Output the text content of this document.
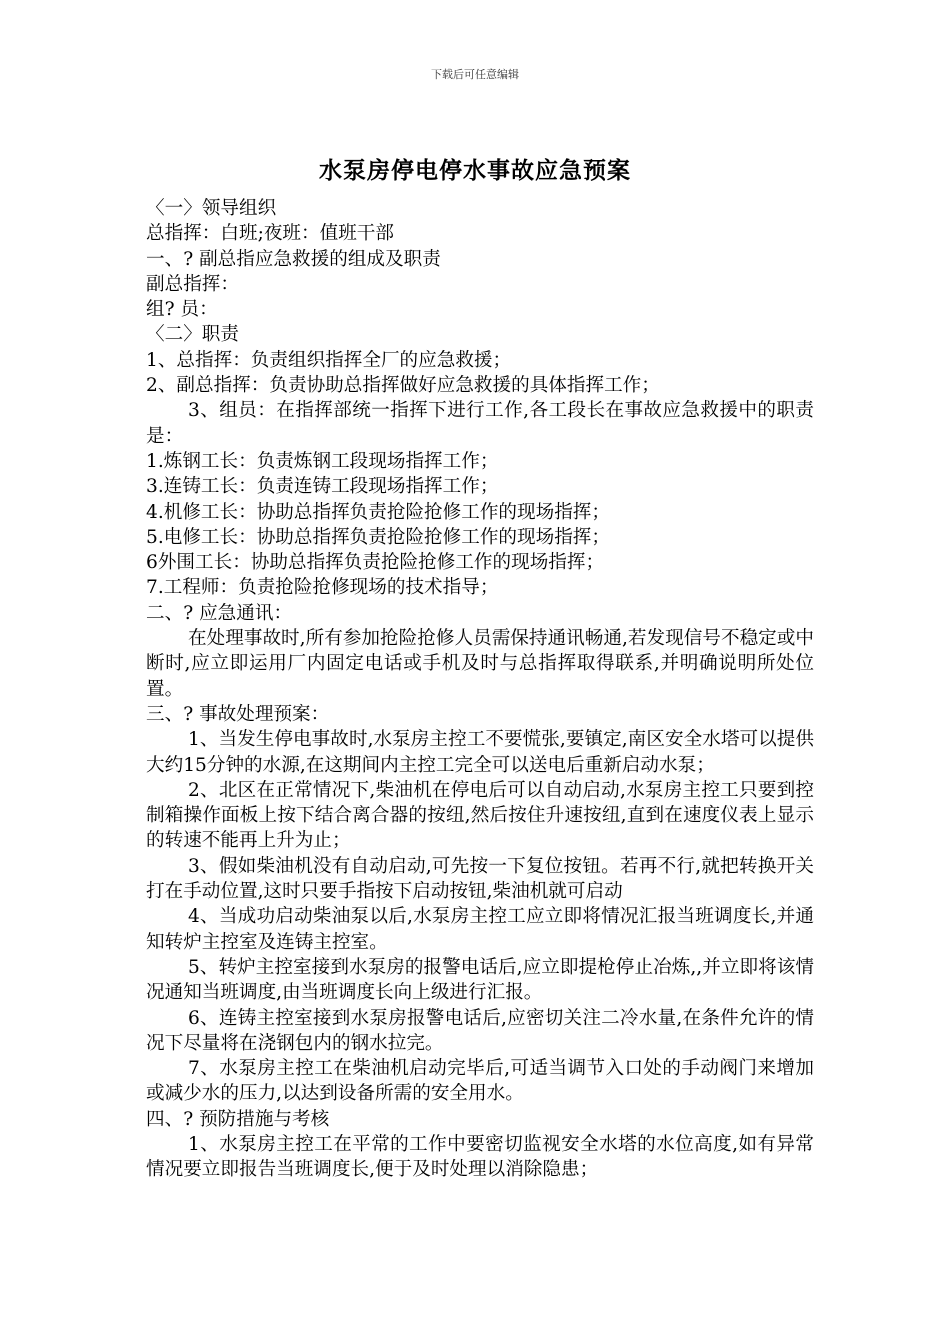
下载后可任意编辑
水泵房停电停水事故应急预案

〈一〉领导组织

总指挥：白班;夜班：值班干部

一、? 副总指应急救援的组成及职责

副总指挥：

组? 员：

〈二〉职责

1、总指挥：负责组织指挥全厂的应急救援；

2、副总指挥：负责协助总指挥做好应急救援的具体指挥工作；

3、组员：在指挥部统一指挥下进行工作,各工段长在事故应急救援中的职责是：

1.炼钢工长：负责炼钢工段现场指挥工作；

3.连铸工长：负责连铸工段现场指挥工作；

4.机修工长：协助总指挥负责抢险抢修工作的现场指挥；

5.电修工长：协助总指挥负责抢险抢修工作的现场指挥；

6外围工长：协助总指挥负责抢险抢修工作的现场指挥；

7.工程师：负责抢险抢修现场的技术指导；

二、? 应急通讯：

在处理事故时,所有参加抢险抢修人员需保持通讯畅通,若发现信号不稳定或中断时,应立即运用厂内固定电话或手机及时与总指挥取得联系,并明确说明所处位置。

三、? 事故处理预案：

1、当发生停电事故时,水泵房主控工不要慌张,要镇定,南区安全水塔可以提供大约15分钟的水源,在这期间内主控工完全可以送电后重新启动水泵；

2、北区在正常情况下,柴油机在停电后可以自动启动,水泵房主控工只要到控制箱操作面板上按下结合离合器的按纽,然后按住升速按纽,直到在速度仪表上显示的转速不能再上升为止；

3、假如柴油机没有自动启动,可先按一下复位按钮。若再不行,就把转换开关打在手动位置,这时只要手指按下启动按钮,柴油机就可启动

4、当成功启动柴油泵以后,水泵房主控工应立即将情况汇报当班调度长,并通知转炉主控室及连铸主控室。

5、转炉主控室接到水泵房的报警电话后,应立即提枪停止冶炼,,并立即将该情况通知当班调度,由当班调度长向上级进行汇报。

6、连铸主控室接到水泵房报警电话后,应密切关注二冷水量,在条件允许的情况下尽量将在浇钢包内的钢水拉完。

7、水泵房主控工在柴油机启动完毕后,可适当调节入口处的手动阀门来增加或减少水的压力,以达到设备所需的安全用水。

四、? 预防措施与考核

1、水泵房主控工在平常的工作中要密切监视安全水塔的水位高度,如有异常情况要立即报告当班调度长,便于及时处理以消除隐患；
